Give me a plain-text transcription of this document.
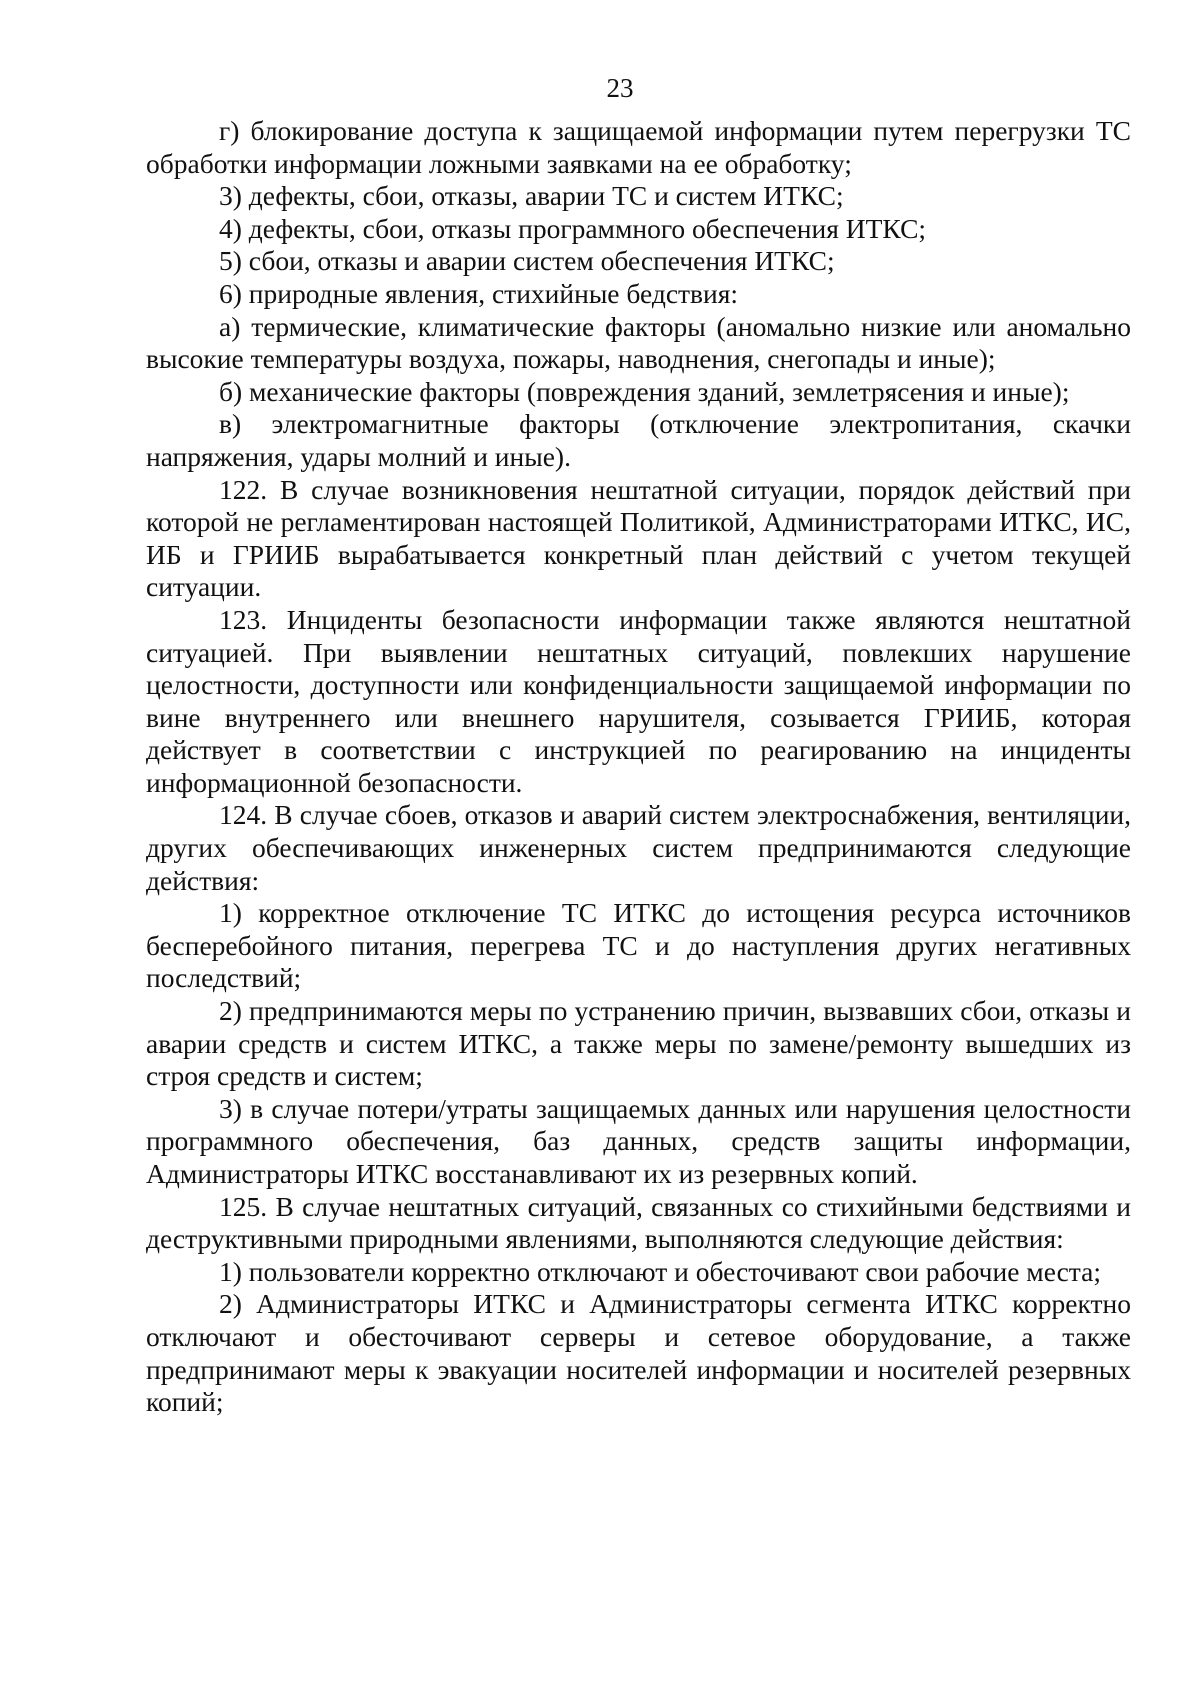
23

г) блокирование доступа к защищаемой информации путем перегрузки ТС обработки информации ложными заявками на ее обработку;

3) дефекты, сбои, отказы, аварии ТС и систем ИТКС;

4) дефекты, сбои, отказы программного обеспечения ИТКС;

5) сбои, отказы и аварии систем обеспечения ИТКС;

6) природные явления, стихийные бедствия:

а) термические, климатические факторы (аномально низкие или аномально высокие температуры воздуха, пожары, наводнения, снегопады и иные);

б) механические факторы (повреждения зданий, землетрясения и иные);

в) электромагнитные факторы (отключение электропитания, скачки напряжения, удары молний и иные).

122. В случае возникновения нештатной ситуации, порядок действий при которой не регламентирован настоящей Политикой, Администраторами ИТКС, ИС, ИБ и ГРИИБ вырабатывается конкретный план действий с учетом текущей ситуации.

123. Инциденты безопасности информации также являются нештатной ситуацией. При выявлении нештатных ситуаций, повлекших нарушение целостности, доступности или конфиденциальности защищаемой информации по вине внутреннего или внешнего нарушителя, созывается ГРИИБ, которая действует в соответствии с инструкцией по реагированию на инциденты информационной безопасности.

124. В случае сбоев, отказов и аварий систем электроснабжения, вентиляции, других обеспечивающих инженерных систем предпринимаются следующие действия:

1) корректное отключение ТС ИТКС до истощения ресурса источников бесперебойного питания, перегрева ТС и до наступления других негативных последствий;

2) предпринимаются меры по устранению причин, вызвавших сбои, отказы и аварии средств и систем ИТКС, а также меры по замене/ремонту вышедших из строя средств и систем;

3) в случае потери/утраты защищаемых данных или нарушения целостности программного обеспечения, баз данных, средств защиты информации, Администраторы ИТКС восстанавливают их из резервных копий.

125. В случае нештатных ситуаций, связанных со стихийными бедствиями и деструктивными природными явлениями, выполняются следующие действия:

1) пользователи корректно отключают и обесточивают свои рабочие места;

2) Администраторы ИТКС и Администраторы сегмента ИТКС корректно отключают и обесточивают серверы и сетевое оборудование, а также предпринимают меры к эвакуации носителей информации и носителей резервных копий;
